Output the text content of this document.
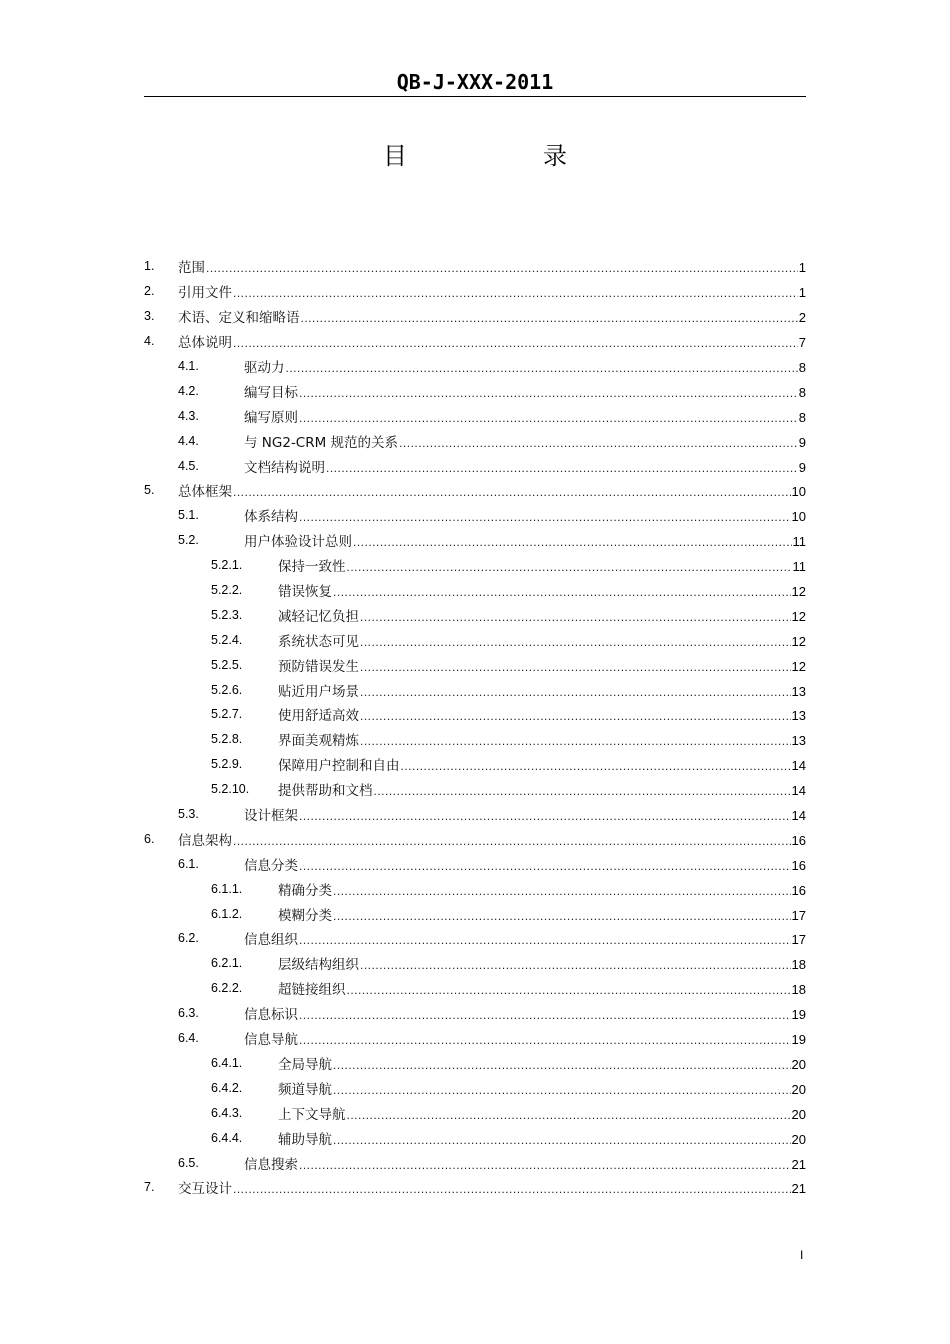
QB-J-XXX-2011
目　录
1. 范围 .....	1
2. 引用文件 .....	1
3. 术语、定义和缩略语 .....	2
4. 总体说明 .....	7
4.1.	驱动力 .....	8
4.2.	编写目标 .....	8
4.3.	编写原则 .....	8
4.4.	与 NG2-CRM 规范的关系 .....	9
4.5.	文档结构说明 .....	9
5. 总体框架 .....	10
5.1.	体系结构 .....	10
5.2.	用户体验设计总则 .....	11
5.2.1.	保持一致性 .....	11
5.2.2.	错误恢复 .....	12
5.2.3.	减轻记忆负担 .....	12
5.2.4.	系统状态可见 .....	12
5.2.5.	预防错误发生 .....	12
5.2.6.	贴近用户场景 .....	13
5.2.7.	使用舒适高效 .....	13
5.2.8.	界面美观精炼 .....	13
5.2.9.	保障用户控制和自由 .....	14
5.2.10. 提供帮助和文档 .....	14
5.3.	设计框架 .....	14
6. 信息架构 .....	16
6.1.	信息分类 .....	16
6.1.1.	精确分类 .....	16
6.1.2.	模糊分类 .....	17
6.2.	信息组织 .....	17
6.2.1.	层级结构组织 .....	18
6.2.2.	超链接组织 .....	18
6.3.	信息标识 .....	19
6.4.	信息导航 .....	19
6.4.1.	全局导航 .....	20
6.4.2.	频道导航 .....	20
6.4.3.	上下文导航 .....	20
6.4.4.	辅助导航 .....	20
6.5.	信息搜索 .....	21
7. 交互设计 .....	21
I
